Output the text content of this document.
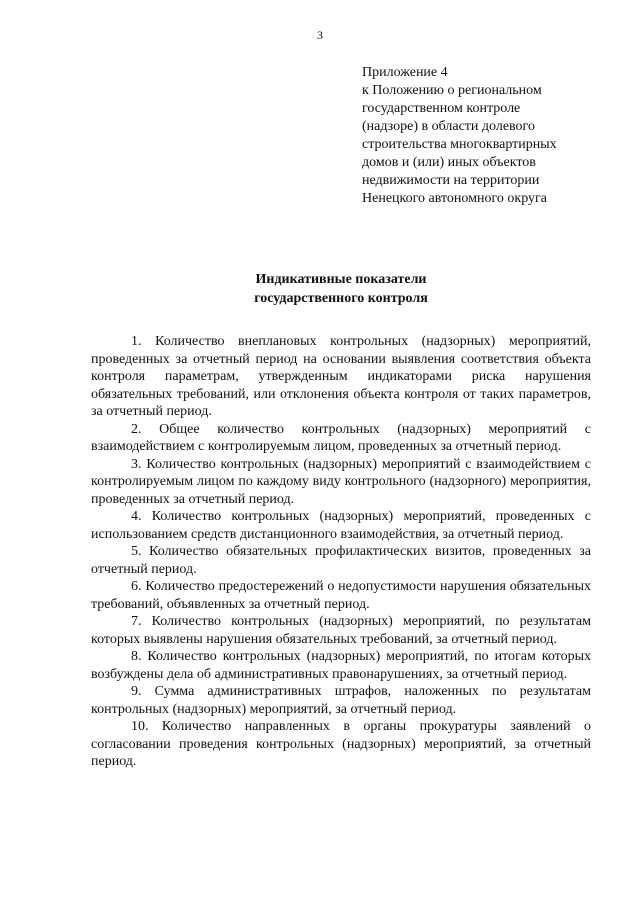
3
Приложение 4
к Положению о региональном
государственном контроле
(надзоре) в области долевого
строительства многоквартирных
домов и (или) иных объектов
недвижимости на территории
Ненецкого автономного округа
Индикативные показатели
государственного контроля

1. Количество внеплановых контрольных (надзорных) мероприятий, проведенных за отчетный период на основании выявления соответствия объекта контроля параметрам, утвержденным индикаторами риска нарушения обязательных требований, или отклонения объекта контроля от таких параметров, за отчетный период.

2. Общее количество контрольных (надзорных) мероприятий с взаимодействием с контролируемым лицом, проведенных за отчетный период.

3. Количество контрольных (надзорных) мероприятий с взаимодействием с контролируемым лицом по каждому виду контрольного (надзорного) мероприятия, проведенных за отчетный период.

4. Количество контрольных (надзорных) мероприятий, проведенных с использованием средств дистанционного взаимодействия, за отчетный период.

5. Количество обязательных профилактических визитов, проведенных за отчетный период.

6. Количество предостережений о недопустимости нарушения обязательных требований, объявленных за отчетный период.

7. Количество контрольных (надзорных) мероприятий, по результатам которых выявлены нарушения обязательных требований, за отчетный период.

8. Количество контрольных (надзорных) мероприятий, по итогам которых возбуждены дела об административных правонарушениях, за отчетный период.

9. Сумма административных штрафов, наложенных по результатам контрольных (надзорных) мероприятий, за отчетный период.

10. Количество направленных в органы прокуратуры заявлений о согласовании проведения контрольных (надзорных) мероприятий, за отчетный период.
